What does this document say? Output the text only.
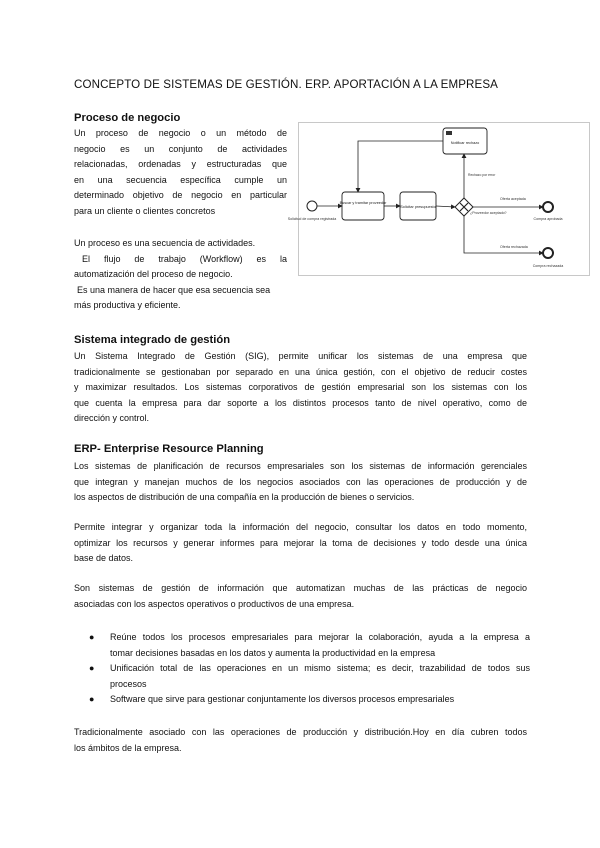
CONCEPTO DE SISTEMAS DE GESTIÓN. ERP. APORTACIÓN A LA EMPRESA
Proceso de negocio
Un proceso de negocio o un método de
negocio es un conjunto de actividades
relacionadas, ordenadas y estructuradas que
en una secuencia específica cumple un
determinado objetivo de negocio en particular
para un cliente o clientes concretos
Un proceso es una secuencia de actividades.
El flujo de trabajo (Workflow) es la
automatización del proceso de negocio.
Es una manera de hacer que esa secuencia sea
más productiva y eficiente.
Solicitud de compra registrada
Buscar y tramitar proveedor
Solicitar presupuesto
¿Proveedor aceptado?
Rechazo por error
Notificar rechazo
Compra aprobada
Compra rechazada
Oferta aceptada
Oferta rechazada
Sistema integrado de gestión
Un Sistema Integrado de Gestión (SIG), permite unificar los sistemas de una empresa que
tradicionalmente se gestionaban por separado en una única gestión, con el objetivo de reducir costes
y maximizar resultados. Los sistemas corporativos de gestión empresarial son los sistemas con los
que cuenta la empresa para dar soporte a los distintos procesos tanto de nivel operativo, como de
dirección y control.
ERP- Enterprise Resource Planning
Los sistemas de planificación de recursos empresariales son los sistemas de información gerenciales
que integran y manejan muchos de los negocios asociados con las operaciones de producción y de
los aspectos de distribución de una compañía en la producción de bienes o servicios.
Permite integrar y organizar toda la información del negocio, consultar los datos en todo momento,
optimizar los recursos y generar informes para mejorar la toma de decisiones y todo desde una única
base de datos.
Son sistemas de gestión de información que automatizan muchas de las prácticas de negocio
asociadas con los aspectos operativos o productivos de una empresa.
● Reúne todos los procesos empresariales para mejorar la colaboración, ayuda a la empresa a
tomar decisiones basadas en los datos y aumenta la productividad en la empresa
● Unificación total de las operaciones en un mismo sistema; es decir, trazabilidad de todos sus
procesos
● Software que sirve para gestionar conjuntamente los diversos procesos empresariales
Tradicionalmente asociado con las operaciones de producción y distribución.Hoy en día cubren todos
los ámbitos de la empresa.
